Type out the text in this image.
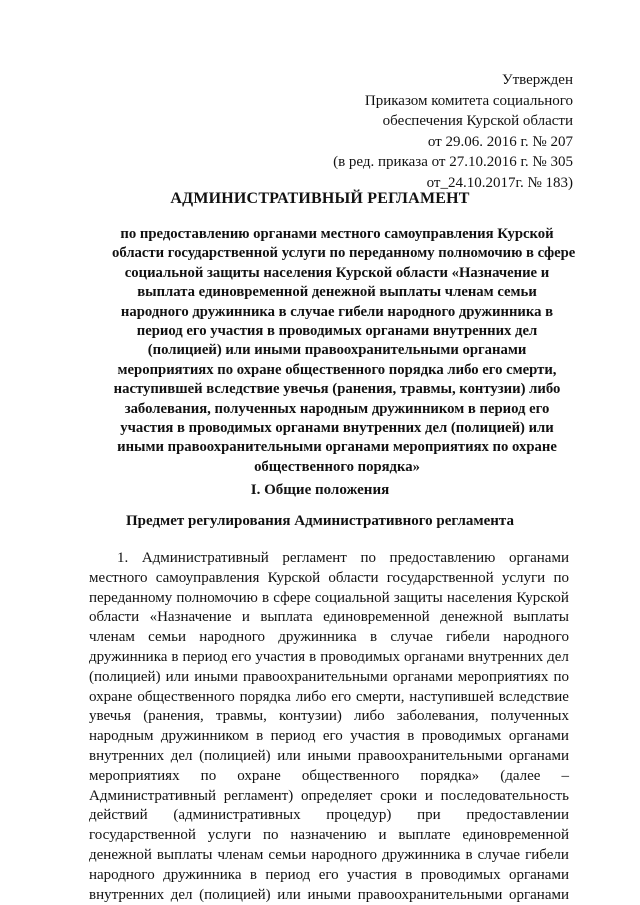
Утвержден
Приказом комитета социального
обеспечения Курской области
от 29.06. 2016 г. № 207
(в ред. приказа от 27.10.2016 г. № 305
от_24.10.2017г. № 183)
АДМИНИСТРАТИВНЫЙ РЕГЛАМЕНТ
по предоставлению органами местного самоуправления Курской
области государственной услуги по переданному полномочию в сфере
социальной защиты населения Курской области «Назначение и
выплата единовременной денежной выплаты членам семьи
народного дружинника в случае гибели народного дружинника в
период его участия в проводимых органами внутренних дел
(полицией) или иными правоохранительными органами
мероприятиях по охране общественного порядка либо его смерти,
наступившей вследствие увечья (ранения, травмы, контузии) либо
заболевания, полученных народным дружинником в период его
участия в проводимых органами внутренних дел (полицией) или
иными правоохранительными органами мероприятиях по охране
общественного порядка»
I. Общие положения
Предмет регулирования Административного регламента
1. Административный регламент по предоставлению органами
местного самоуправления Курской области государственной услуги по
переданному полномочию в сфере социальной защиты населения Курской
области «Назначение и выплата единовременной денежной выплаты
членам семьи народного дружинника в случае гибели народного
дружинника в период его участия в проводимых органами внутренних дел
(полицией) или иными правоохранительными органами мероприятиях по
охране общественного порядка либо его смерти, наступившей вследствие
увечья (ранения, травмы, контузии) либо заболевания, полученных
народным дружинником в период его участия в проводимых органами
внутренних дел (полицией) или иными правоохранительными органами
мероприятиях по охране общественного порядка» (далее –
Административный регламент) определяет сроки и последовательность
действий (административных процедур) при предоставлении
государственной услуги по назначению и выплате единовременной
денежной выплаты членам семьи народного дружинника в случае гибели
народного дружинника в период его участия в проводимых органами
внутренних дел (полицией) или иными правоохранительными органами
